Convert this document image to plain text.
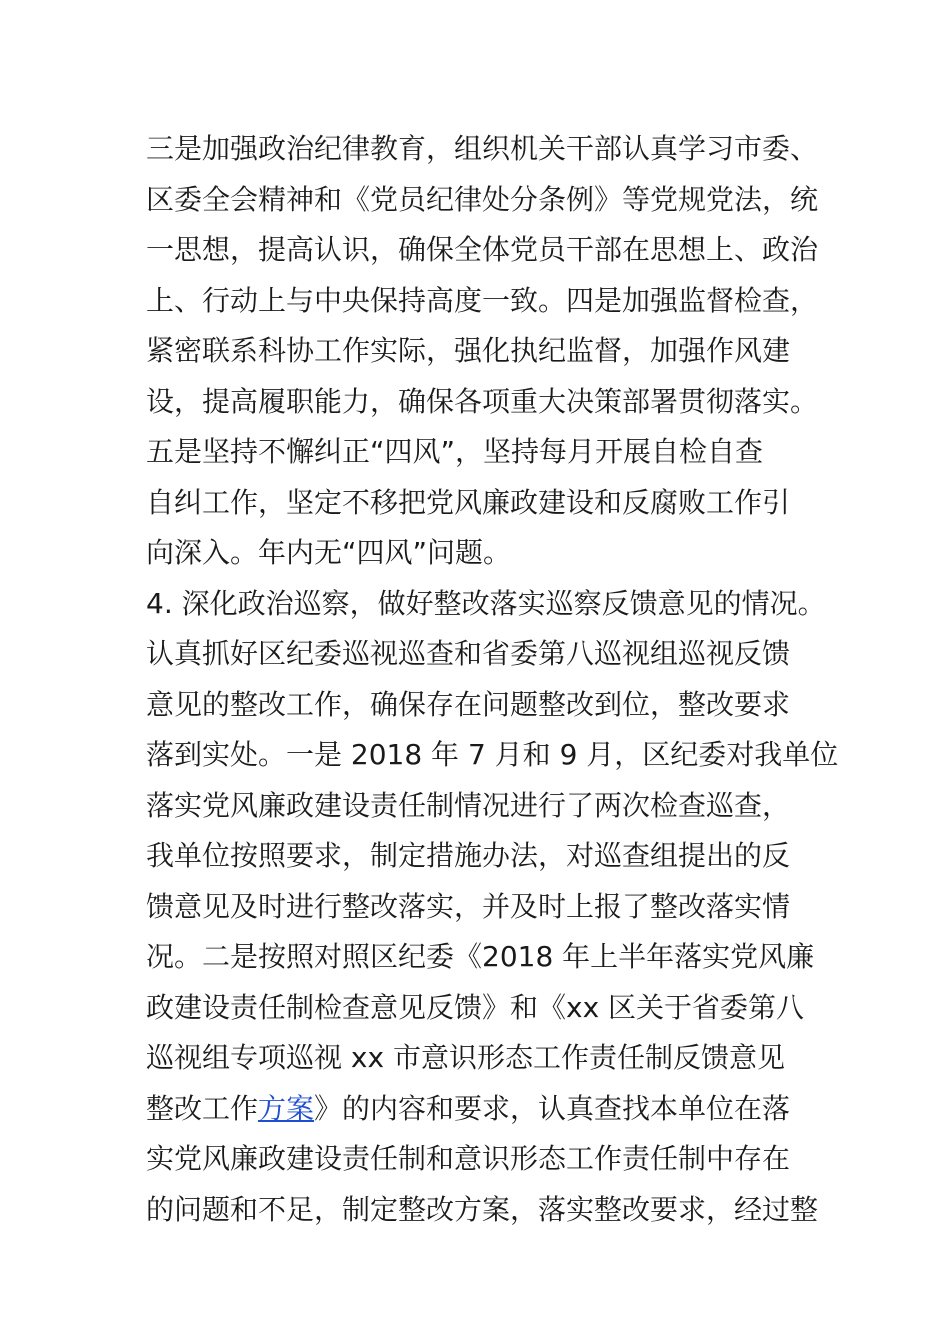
三是加强政治纪律教育，组织机关干部认真学习市委、
区委全会精神和《党员纪律处分条例》等党规党法，统
一思想，提高认识，确保全体党员干部在思想上、政治
上、行动上与中央保持高度一致。四是加强监督检查，
紧密联系科协工作实际，强化执纪监督，加强作风建
设，提高履职能力，确保各项重大决策部署贯彻落实。
五是坚持不懈纠正“四风”，坚持每月开展自检自查
自纠工作，坚定不移把党风廉政建设和反腐败工作引
向深入。年内无“四风”问题。
4. 深化政治巡察，做好整改落实巡察反馈意见的情况。
认真抓好区纪委巡视巡查和省委第八巡视组巡视反馈
意见的整改工作，确保存在问题整改到位，整改要求
落到实处。一是 2018 年 7 月和 9 月，区纪委对我单位
落实党风廉政建设责任制情况进行了两次检查巡查，
我单位按照要求，制定措施办法，对巡查组提出的反
馈意见及时进行整改落实，并及时上报了整改落实情
况。二是按照对照区纪委《2018 年上半年落实党风廉
政建设责任制检查意见反馈》和《xx 区关于省委第八
巡视组专项巡视 xx 市意识形态工作责任制反馈意见
整改工作方案》的内容和要求，认真查找本单位在落
实党风廉政建设责任制和意识形态工作责任制中存在
的问题和不足，制定整改方案，落实整改要求，经过整
